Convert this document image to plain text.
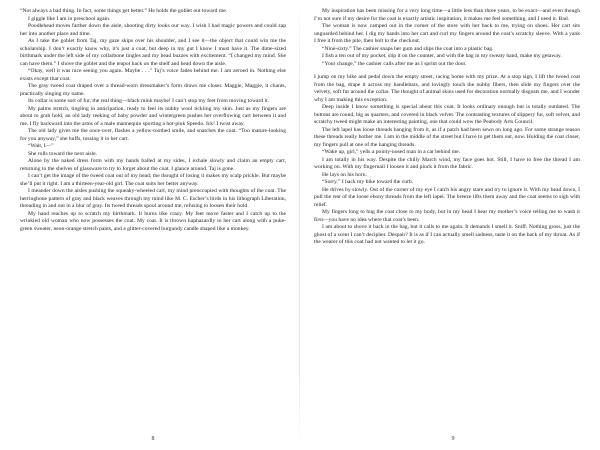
“Not always a bad thing. In fact, some things get better.” He holds the goblet out toward me.

I giggle like I am in preschool again.

Poodlehead moves farther down the aisle, shooting dirty looks our way. I wish I had magic powers and could zap her into another place and time.

As I take the goblet from Taj, my gaze skips over his shoulder, and I see it—the object that could win me the scholarship. I don’t exactly know why, it’s just a coat, but deep in my gut I know I must have it. The dime-sized birthmark under the left side of my collarbone tingles and my head buzzes with excitement. “I changed my mind. She can have them.” I shove the goblet and the teapot back on the shelf and head down the aisle.

“Okay, well it was nice seeing you again. Maybe . . .” Taj’s voice fades behind me. I am zeroed in. Nothing else exists except that coat.

The gray tweed coat draped over a thread-worn dressmaker’s form draws me closer. Maggie, Maggie, it chants, practically singing my name.

Its collar is some sort of fur, the real thing—black mink maybe! I can’t stop my feet from moving toward it.

My palms stretch, tingling in anticipation, ready to feel its nubby wool tickling my skin. Just as my fingers are about to grab hold, an old lady reeking of baby powder and wintergreen pushes her overflowing cart between it and me. I fly backward into the arms of a male mannequin sporting a hot-pink Speedo. Ick! I twist away.

The old lady gives me the once-over, flashes a yellow-toothed smile, and snatches the coat. “Too mature-looking for you anyway,” she huffs, tossing it in her cart.

“Wait, I—”

She rolls toward the next aisle.

Alone by the naked dress form with my hands balled at my sides, I exhale slowly and claim an empty cart, returning to the shelves of glassware to try to forget about the coat. I glance around. Taj is gone.

I can’t get the image of the tweed coat out of my head; the thought of losing it makes my scalp prickle. But maybe she’ll put it right. I am a thirteen-year-old girl. The coat suits her better anyway.

I meander down the aisles pushing the squeaky-wheeled cart, my mind preoccupied with thoughts of the coat. The herringbone pattern of gray and black weaves through my mind like M. C. Escher’s birds in his lithograph Liberation, threading in and out in a blur of gray. Its tweed threads spool around me, refusing to loosen their hold.

My hand reaches up to scratch my birthmark. It burns like crazy. My feet move faster and I catch up to the wrinkled old woman who now possesses the coat. My coat. It is thrown haphazardly in her cart along with a puke-green sweater, neon-orange stretch pants, and a glitter-covered burgundy candle shaped like a monkey.

My inspiration has been missing for a very long time—a little less than three years, to be exact—and even though I’m not sure if my desire for the coat is exactly artistic inspiration, it makes me feel something, and I need it. Bad.

The woman is now camped out in the corner of the store with her back to me, trying on shoes. Her cart sits unguarded behind her. I dig my hands into her cart and curl my fingers around the coat’s scratchy sleeve. With a yank I free it from the pile, then bolt to the checkout.

“Nine-sixty.” The cashier snaps her gum and slips the coat into a plastic bag.

I fish a ten out of my pocket, slip it on the counter, and with the bag in my sweaty hand, make my getaway.

“Your change,” the cashier calls after me as I sprint out the door.

I jump on my bike and pedal down the empty street, racing home with my prize. At a stop sign, I lift the tweed coat from the bag, drape it across my handlebars, and lovingly touch the nubby fibers, then slide my fingers over the velvety, soft fur around the collar. The thought of animal skins used for decoration normally disgusts me, and I wonder why I am making this exception.

Deep inside I know something is special about this coat. It looks ordinary enough but is totally outdated. The buttons are round, big as quarters, and covered in black velvet. The contrasting textures of slippery fur, soft velvet, and scratchy tweed might make an interesting painting, one that could wow the Peabody Arts Council.

The left lapel has loose threads hanging from it, as if a patch had been sewn on long ago. For some strange reason these threads really bother me. I am in the middle of the street but I have to get them out, now. Holding the coat closer, my fingers pull at one of the hanging threads.

“Wake up, girl,” yells a pointy-nosed man in a car behind me.

I am totally in his way. Despite the chilly March wind, my face goes hot. Still, I have to free the thread I am working on. With my fingernail I loosen it and pluck it from the fabric.

He lays on his horn.

“Sorry.” I hack my bike toward the curb.

He drives by slowly. Out of the corner of my eye I catch his angry stare and try to ignore it. With my head down, I pull the rest of the loose ebony threads from the left lapel. The breeze lifts them away and the coat seems to sigh with relief.

My fingers long to hug the coat close to my body, but in my head I hear my mother’s voice telling me to wash it first—you have no idea where that coat’s been.

I am about to shove it back in the bag, but it calls to me again. It demands I smell it. Sniff. Nothing gross, just the ghost of a scent I can’t decipher. Despair? It is as if I can actually smell sadness, taste it on the back of my throat. As if the wearer of this coat had not wanted to let it go.

8	9
